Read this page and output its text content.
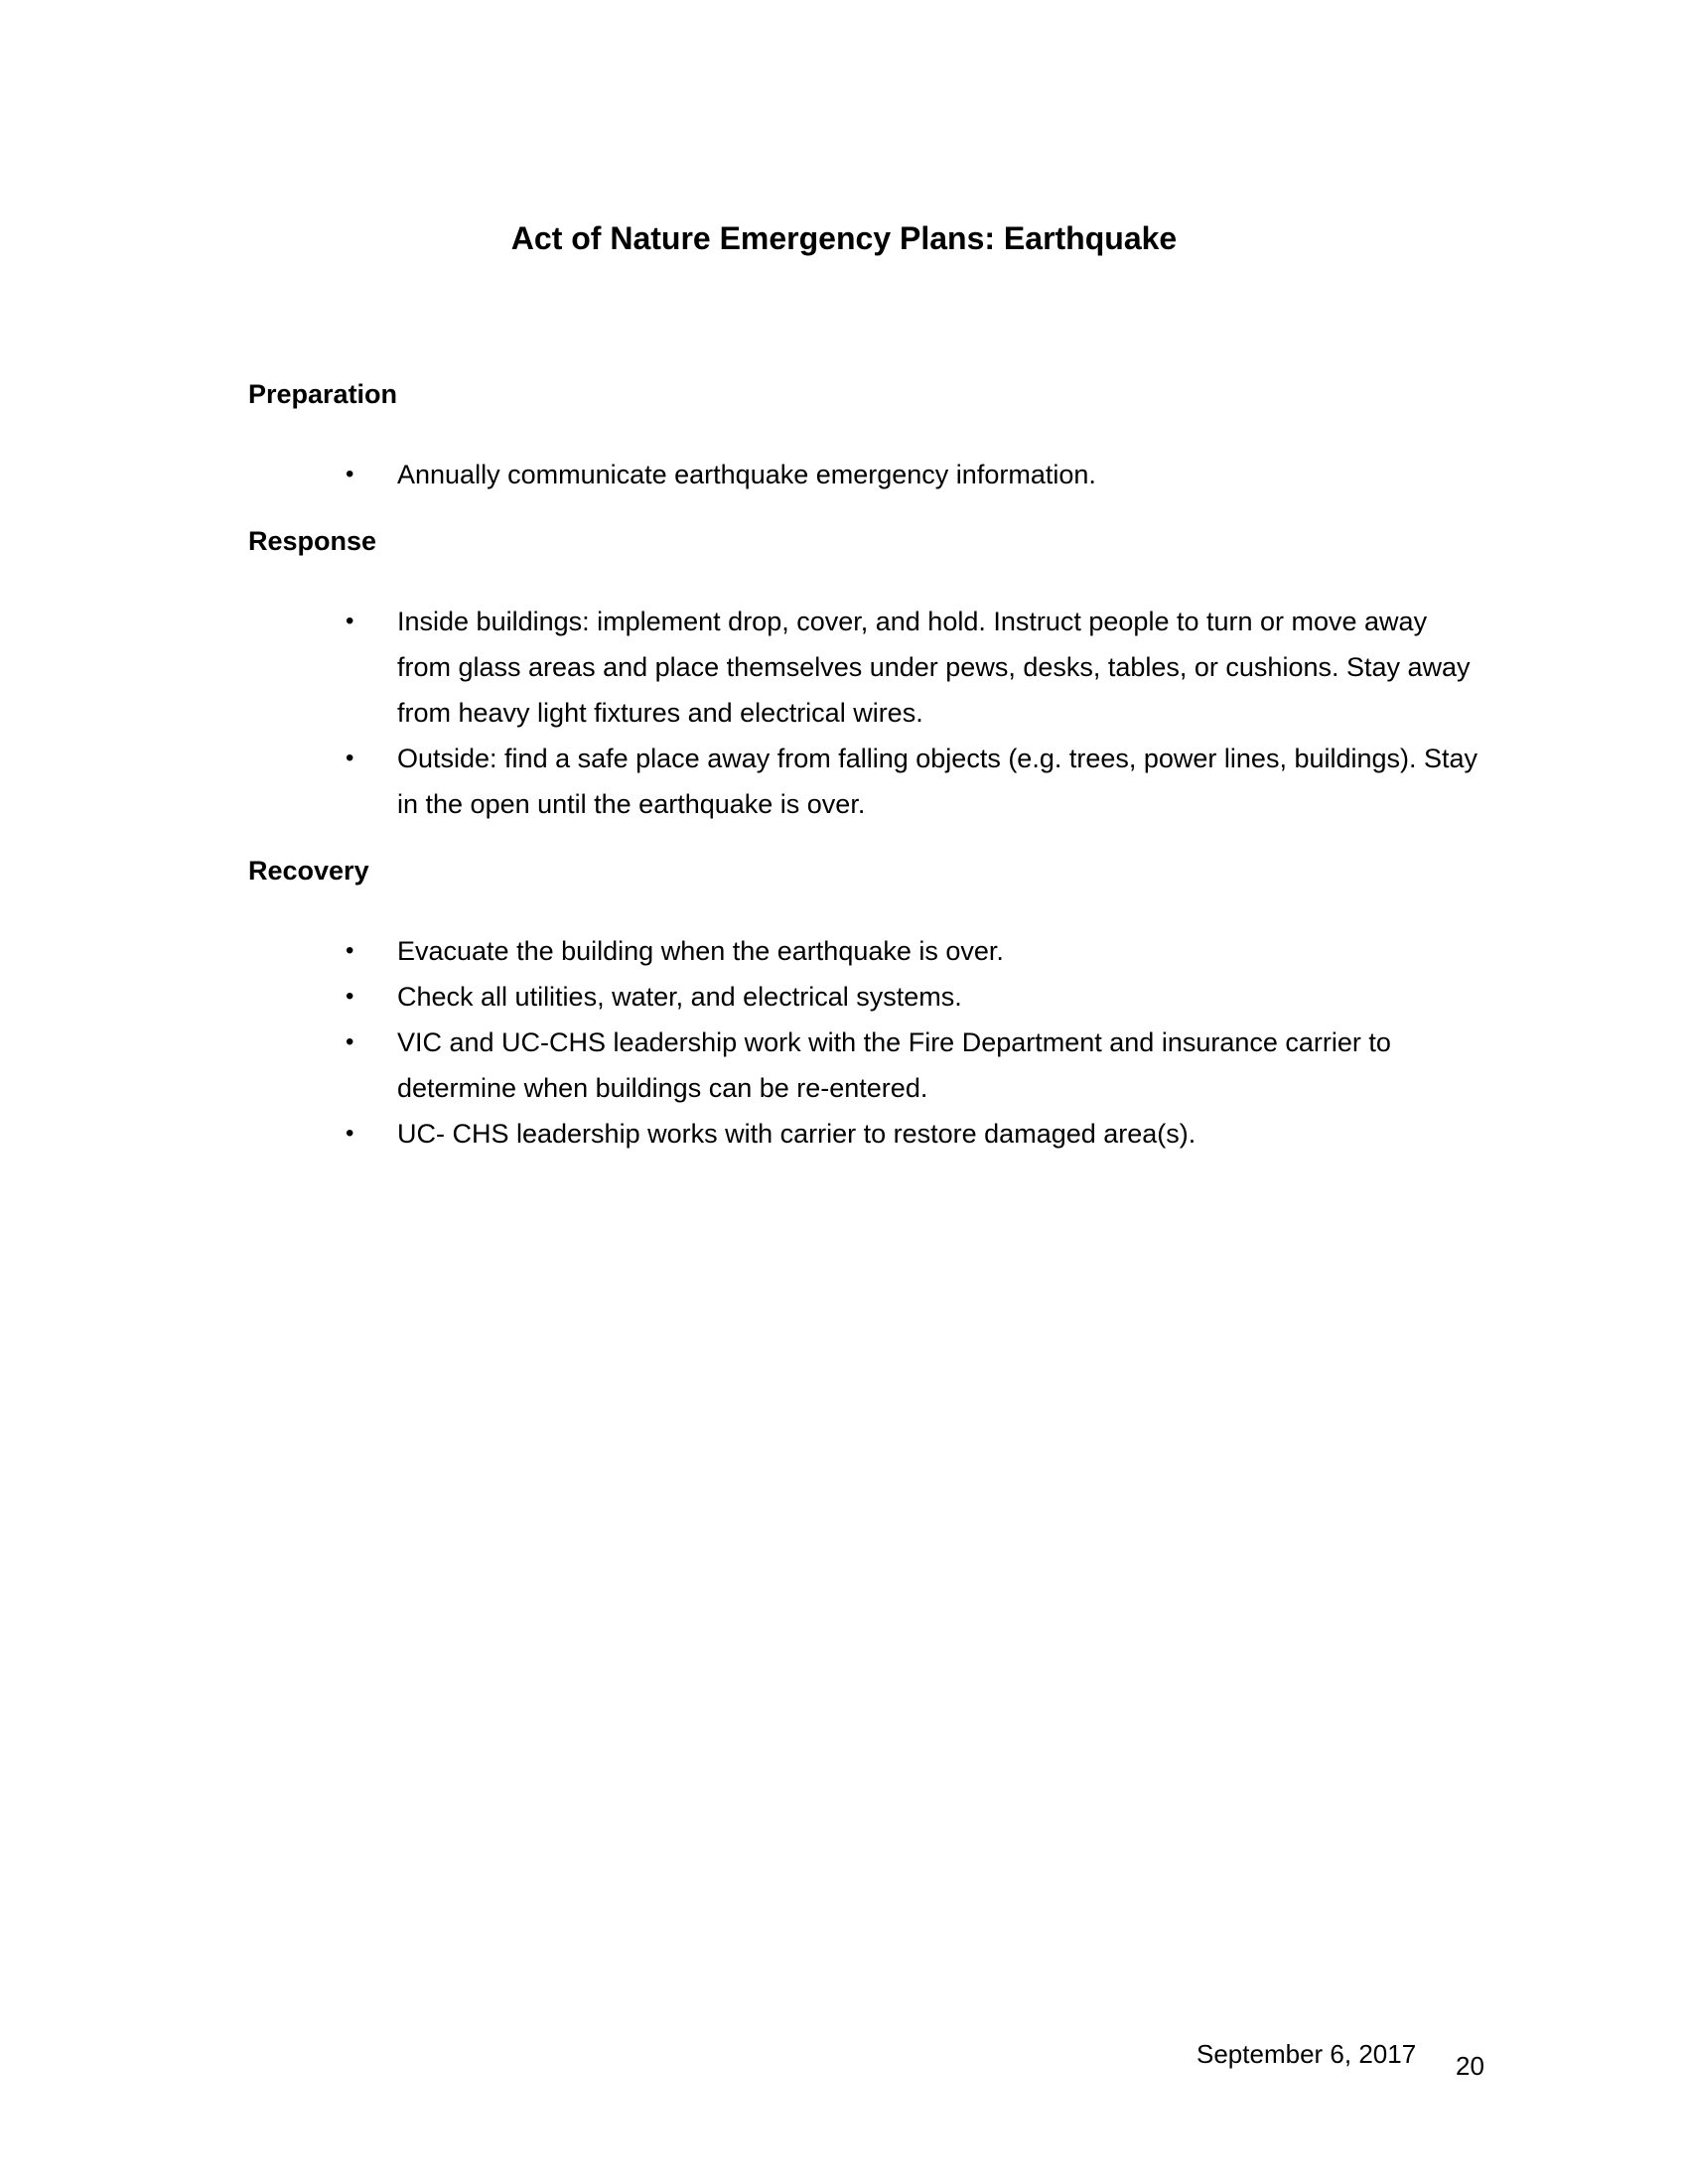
Act of Nature Emergency Plans: Earthquake
Preparation
• Annually communicate earthquake emergency information.
Response
• Inside buildings: implement drop, cover, and hold. Instruct people to turn or move away from glass areas and place themselves under pews, desks, tables, or cushions. Stay away from heavy light fixtures and electrical wires.
• Outside: find a safe place away from falling objects (e.g. trees, power lines, buildings). Stay in the open until the earthquake is over.
Recovery
• Evacuate the building when the earthquake is over.
• Check all utilities, water, and electrical systems.
• VIC and UC-CHS leadership work with the Fire Department and insurance carrier to determine when buildings can be re-entered.
• UC- CHS leadership works with carrier to restore damaged area(s).

September 6, 2017 20
